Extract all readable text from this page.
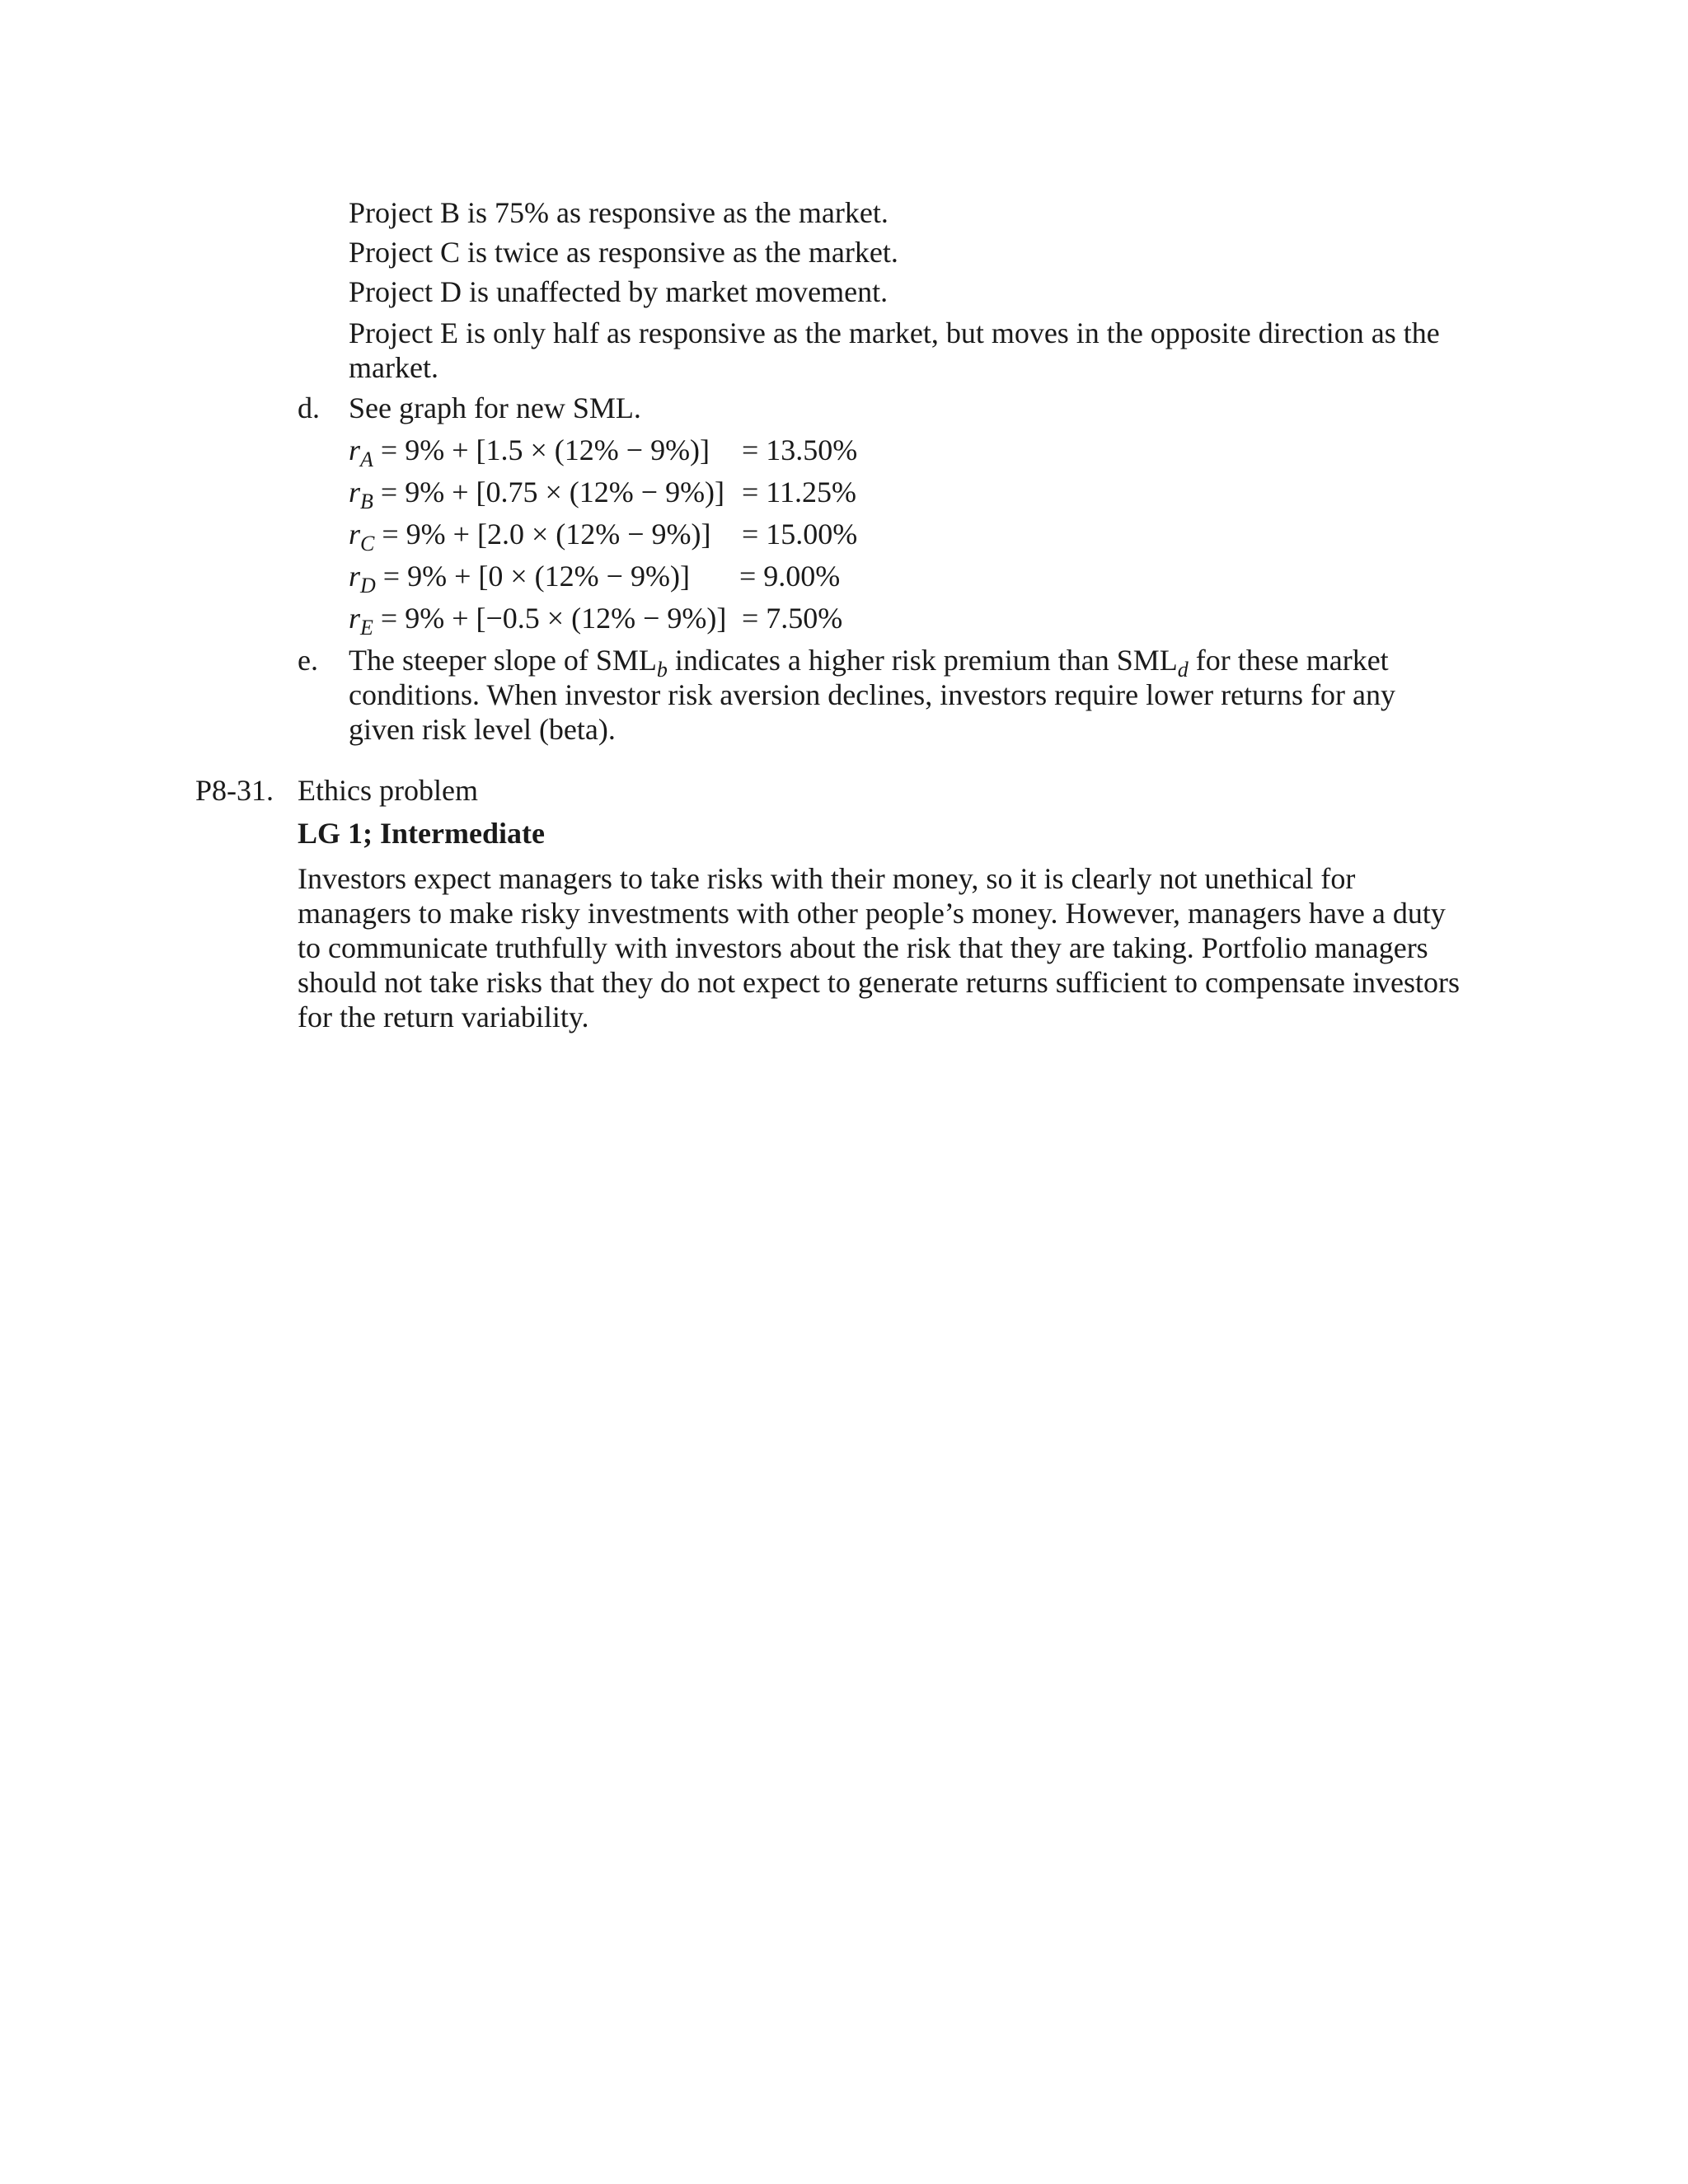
Project B is 75% as responsive as the market.
Project C is twice as responsive as the market.
Project D is unaffected by market movement.
Project E is only half as responsive as the market, but moves in the opposite direction as the market.
d. See graph for new SML.
$r_A = 9\% + [1.5 \times (12\% - 9\%)] = 13.50\%$
$r_B = 9\% + [0.75 \times (12\% - 9\%)] = 11.25\%$
$r_C = 9\% + [2.0 \times (12\% - 9\%)] = 15.00\%$
$r_D = 9\% + [0 \times (12\% - 9\%)] = 9.00\%$
$r_E = 9\% + [-0.5 \times (12\% - 9\%)] = 7.50\%$
e. The steeper slope of $SML_b$ indicates a higher risk premium than $SML_d$ for these market conditions. When investor risk aversion declines, investors require lower returns for any given risk level (beta).
P8-31. Ethics problem
LG 1; Intermediate
Investors expect managers to take risks with their money, so it is clearly not unethical for managers to make risky investments with other people’s money. However, managers have a duty to communicate truthfully with investors about the risk that they are taking. Portfolio managers should not take risks that they do not expect to generate returns sufficient to compensate investors for the return variability.
